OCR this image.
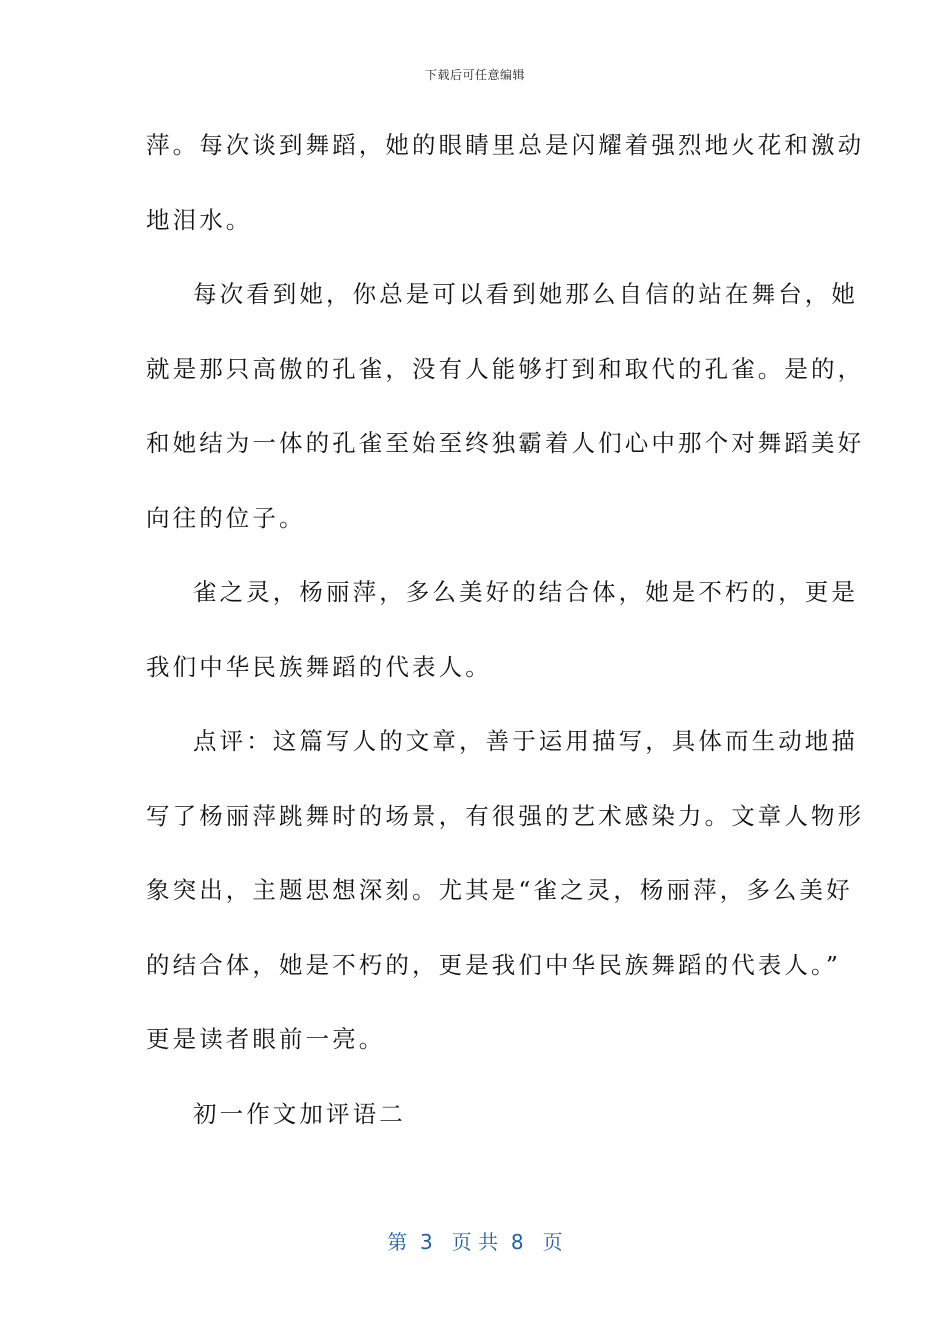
下载后可任意编辑
萍。每次谈到舞蹈，她的眼睛里总是闪耀着强烈地火花和激动
地泪水。
每次看到她，你总是可以看到她那么自信的站在舞台，她
就是那只高傲的孔雀，没有人能够打到和取代的孔雀。是的，
和她结为一体的孔雀至始至终独霸着人们心中那个对舞蹈美好
向往的位子。
雀之灵，杨丽萍，多么美好的结合体，她是不朽的，更是
我们中华民族舞蹈的代表人。
点评：这篇写人的文章，善于运用描写，具体而生动地描
写了杨丽萍跳舞时的场景，有很强的艺术感染力。文章人物形
象突出，主题思想深刻。尤其是“雀之灵，杨丽萍，多么美好
的结合体，她是不朽的，更是我们中华民族舞蹈的代表人。”
更是读者眼前一亮。
初一作文加评语二
第  3   页 共  8   页
